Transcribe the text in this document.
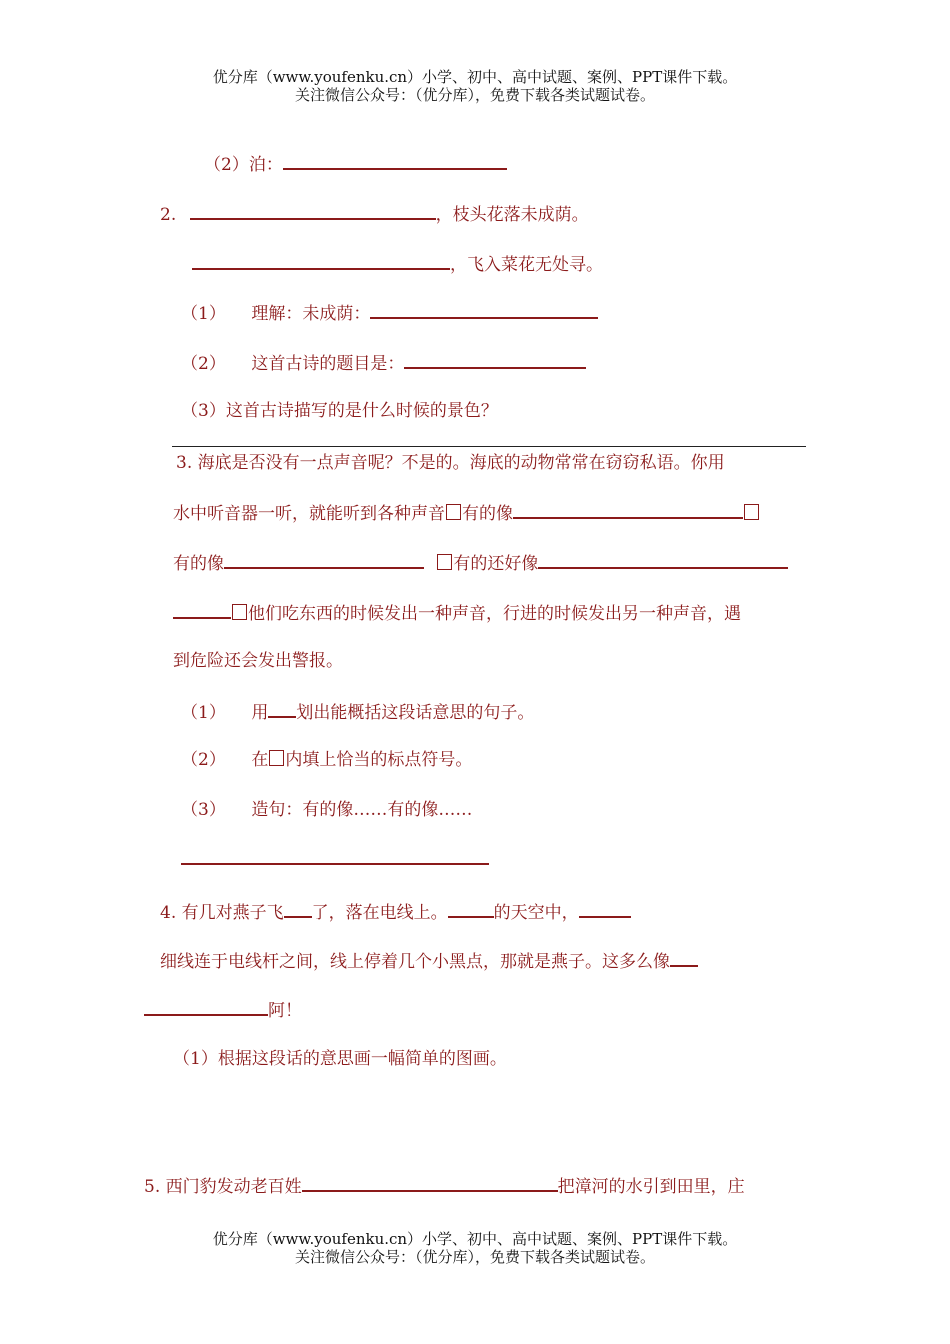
优分库（www.youfenku.cn）小学、初中、高中试题、案例、PPT课件下载。
关注微信公众号：（优分库），免费下载各类试题试卷。
（2）泊：
2.	，枝头花落未成荫。
，飞入菜花无处寻。
（1）　　理解：未成荫：
（2）　　这首古诗的题目是：
（3）这首古诗描写的是什么时候的景色？
3. 海底是否没有一点声音呢？不是的。海底的动物常常在窃窃私语。你用
水中听音器一听，就能听到各种声音 有的像
有的像	有的还好像
他们吃东西的时候发出一种声音，行进的时候发出另一种声音，遇
到危险还会发出警报。
（1）　　用 划出能概括这段话意思的句子。
（2）　　在 内填上恰当的标点符号。
（3）　　造句：有的像……有的像……
4. 有几对燕子飞 了，落在电线上。	的天空中，
细线连于电线杆之间，线上停着几个小黑点，那就是燕子。这多么像
阿！
（1）根据这段话的意思画一幅简单的图画。
5. 西门豹发动老百姓	把漳河的水引到田里，庄
优分库（www.youfenku.cn）小学、初中、高中试题、案例、PPT课件下载。
关注微信公众号：（优分库），免费下载各类试题试卷。
